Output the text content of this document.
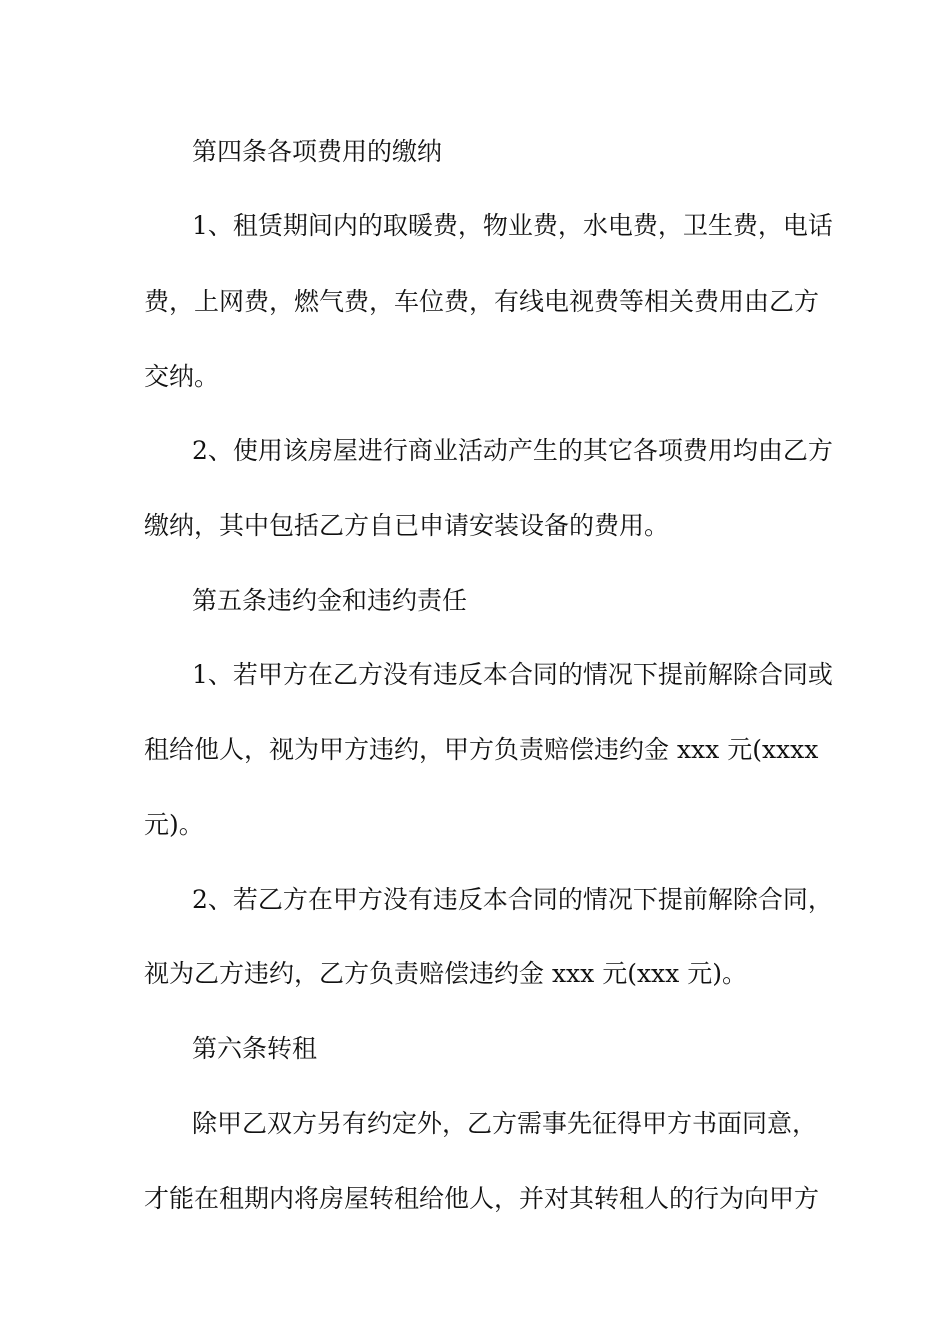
第四条各项费用的缴纳
1、租赁期间内的取暖费，物业费，水电费，卫生费，电话
费，上网费，燃气费，车位费，有线电视费等相关费用由乙方
交纳。
2、使用该房屋进行商业活动产生的其它各项费用均由乙方
缴纳，其中包括乙方自已申请安装设备的费用。
第五条违约金和违约责任
1、若甲方在乙方没有违反本合同的情况下提前解除合同或
租给他人，视为甲方违约，甲方负责赔偿违约金 xxx 元(xxxx
元)。
2、若乙方在甲方没有违反本合同的情况下提前解除合同，
视为乙方违约，乙方负责赔偿违约金 xxx 元(xxx 元)。
第六条转租
除甲乙双方另有约定外，乙方需事先征得甲方书面同意，
才能在租期内将房屋转租给他人，并对其转租人的行为向甲方
